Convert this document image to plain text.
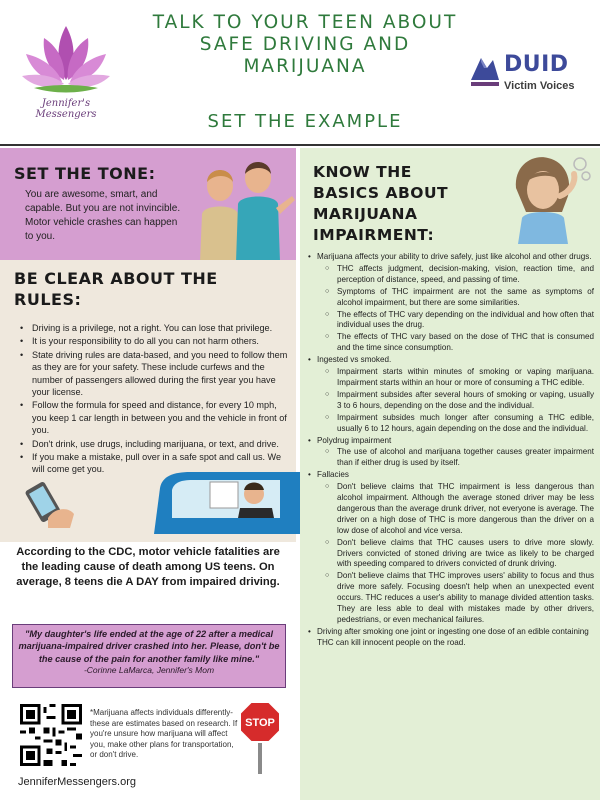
Jennifer's Messengers
TALK TO YOUR TEEN ABOUT SAFE DRIVING AND MARIJUANA
SET THE EXAMPLE
DUID
Victim Voices
SET THE TONE:
You are awesome, smart, and capable. But you are not invincible. Motor vehicle crashes can happen to you.
BE CLEAR ABOUT THE RULES:
• Driving is a privilege, not a right. You can lose that privilege.
• It is your responsibility to do all you can not harm others.
• State driving rules are data-based, and you need to follow them as they are for your safety. These include curfews and the number of passengers allowed during the first year you have your license.
• Follow the formula for speed and distance, for every 10 mph, you keep 1 car length in between you and the vehicle in front of you.
• Don't drink, use drugs, including marijuana, or text, and drive.
• If you make a mistake, pull over in a safe spot and call us. We will come get you.
According to the CDC, motor vehicle fatalities are the leading cause of death among US teens. On average, 8 teens die A DAY from impaired driving.
"My daughter's life ended at the age of 22 after a medical marijuana-impaired driver crashed into her. Please, don't be the cause of the pain for another family like mine."
-Corinne LaMarca, Jennifer's Mom
*Marijuana affects individuals differently- these are estimates based on research. If you're unsure how marijuana will affect you, make other plans for transportation, or don't drive.
STOP
JenniferMessengers.org
KNOW THE BASICS ABOUT MARIJUANA IMPAIRMENT:
• Marijuana affects your ability to drive safely, just like alcohol and other drugs.
○ THC affects judgment, decision-making, vision, reaction time, and perception of distance, speed, and passing of time.
○ Symptoms of THC impairment are not the same as symptoms of alcohol impairment, but there are some similarities.
○ The effects of THC vary depending on the individual and how often that individual uses the drug.
○ The effects of THC vary based on the dose of THC that is consumed and the time since consumption.
• Ingested vs smoked.
○ Impairment starts within minutes of smoking or vaping marijuana. Impairment starts within an hour or more of consuming a THC edible.
○ Impairment subsides after several hours of smoking or vaping, usually 3 to 6 hours, depending on the dose and the individual.
○ Impairment subsides much longer after consuming a THC edible, usually 6 to 12 hours, again depending on the dose and the individual.
• Polydrug impairment
○ The use of alcohol and marijuana together causes greater impairment than if either drug is used by itself.
• Fallacies
○ Don't believe claims that THC impairment is less dangerous than alcohol impairment. Although the average stoned driver may be less dangerous than the average drunk driver, not everyone is average. The driver on a high dose of THC is more dangerous than the driver on a low dose of alcohol and vice versa.
○ Don't believe claims that THC causes users to drive more slowly. Drivers convicted of stoned driving are twice as likely to be charged with speeding compared to drivers convicted of drunk driving.
○ Don't believe claims that THC improves users' ability to focus and thus drive more safely. Focusing doesn't help when an unexpected event occurs. THC reduces a user's ability to manage divided attention tasks. They are less able to deal with mistakes made by other drivers, pedestrians, or even mechanical failures.
• Driving after smoking one joint or ingesting one dose of an edible containing THC can kill innocent people on the road.
